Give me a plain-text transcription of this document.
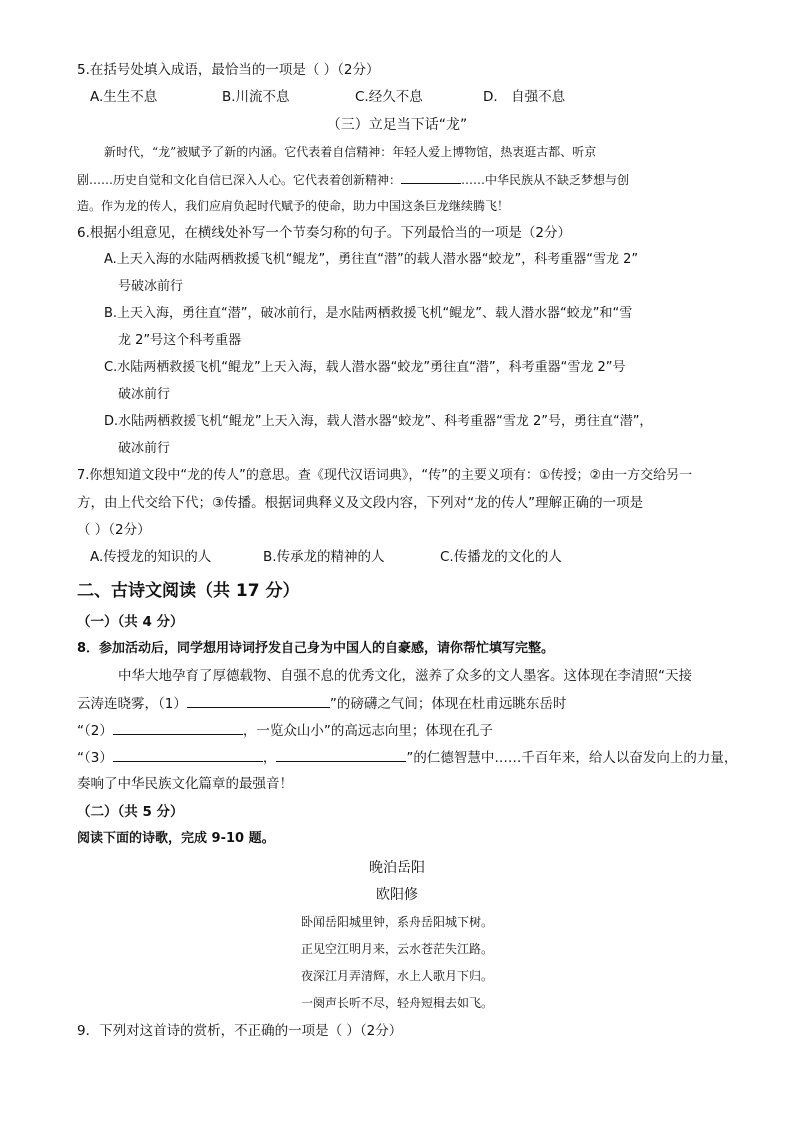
5.在括号处填入成语，最恰当的一项是（ ）（2分）
A.生生不息	B.川流不息	C.经久不息	D.　自强不息
（三）立足当下话“龙”
新时代，“龙”被赋予了新的内涵。它代表着自信精神：年轻人爱上博物馆，热衷逛古都、听京
剧……历史自觉和文化自信已深入人心。它代表着创新精神：	……中华民族从不缺乏梦想与创
造。作为龙的传人，我们应肩负起时代赋予的使命，助力中国这条巨龙继续腾飞！
6.根据小组意见，在横线处补写一个节奏匀称的句子。下列最恰当的一项是（2分）
A.上天入海的水陆两栖救援飞机“鲲龙”，勇往直“潜”的载人潜水器“蛟龙”，科考重器“雪龙 2”
号破冰前行
B.上天入海，勇往直“潜”，破冰前行，是水陆两栖救援飞机“鲲龙”、载人潜水器“蛟龙”和“雪
龙 2”号这个科考重器
C.水陆两栖救援飞机“鲲龙”上天入海，载人潜水器“蛟龙”勇往直“潜”，科考重器“雪龙 2”号
破冰前行
D.水陆两栖救援飞机“鲲龙”上天入海，载人潜水器“蛟龙”、科考重器“雪龙 2”号，勇往直“潜”，
破冰前行
7.你想知道文段中“龙的传人”的意思。查《现代汉语词典》，“传”的主要义项有：①传授；②由一方交给另一
方，由上代交给下代；③传播。根据词典释义及文段内容，下列对“龙的传人”理解正确的一项是
（ ）（2分）
A.传授龙的知识的人	B.传承龙的精神的人	C.传播龙的文化的人
二、古诗文阅读（共 17 分）
（一）（共 4 分）
8．参加活动后，同学想用诗词抒发自己身为中国人的自豪感，请你帮忙填写完整。
中华大地孕育了厚德载物、自强不息的优秀文化，滋养了众多的文人墨客。这体现在李清照“天接
云涛连晓雾，（1）	”的磅礴之气间；体现在杜甫远眺东岳时
“（2）	，一览众山小”的高远志向里；体现在孔子
“（3）	，	”的仁德智慧中……千百年来，给人以奋发向上的力量，
奏响了中华民族文化篇章的最强音！
（二）（共 5 分）
阅读下面的诗歌，完成 9-10 题。
晚泊岳阳
欧阳修
卧闻岳阳城里钟，系舟岳阳城下树。
正见空江明月来，云水苍茫失江路。
夜深江月弄清辉，水上人歌月下归。
一阕声长听不尽，轻舟短楫去如飞。
9．下列对这首诗的赏析，不正确的一项是（ ）（2分）
